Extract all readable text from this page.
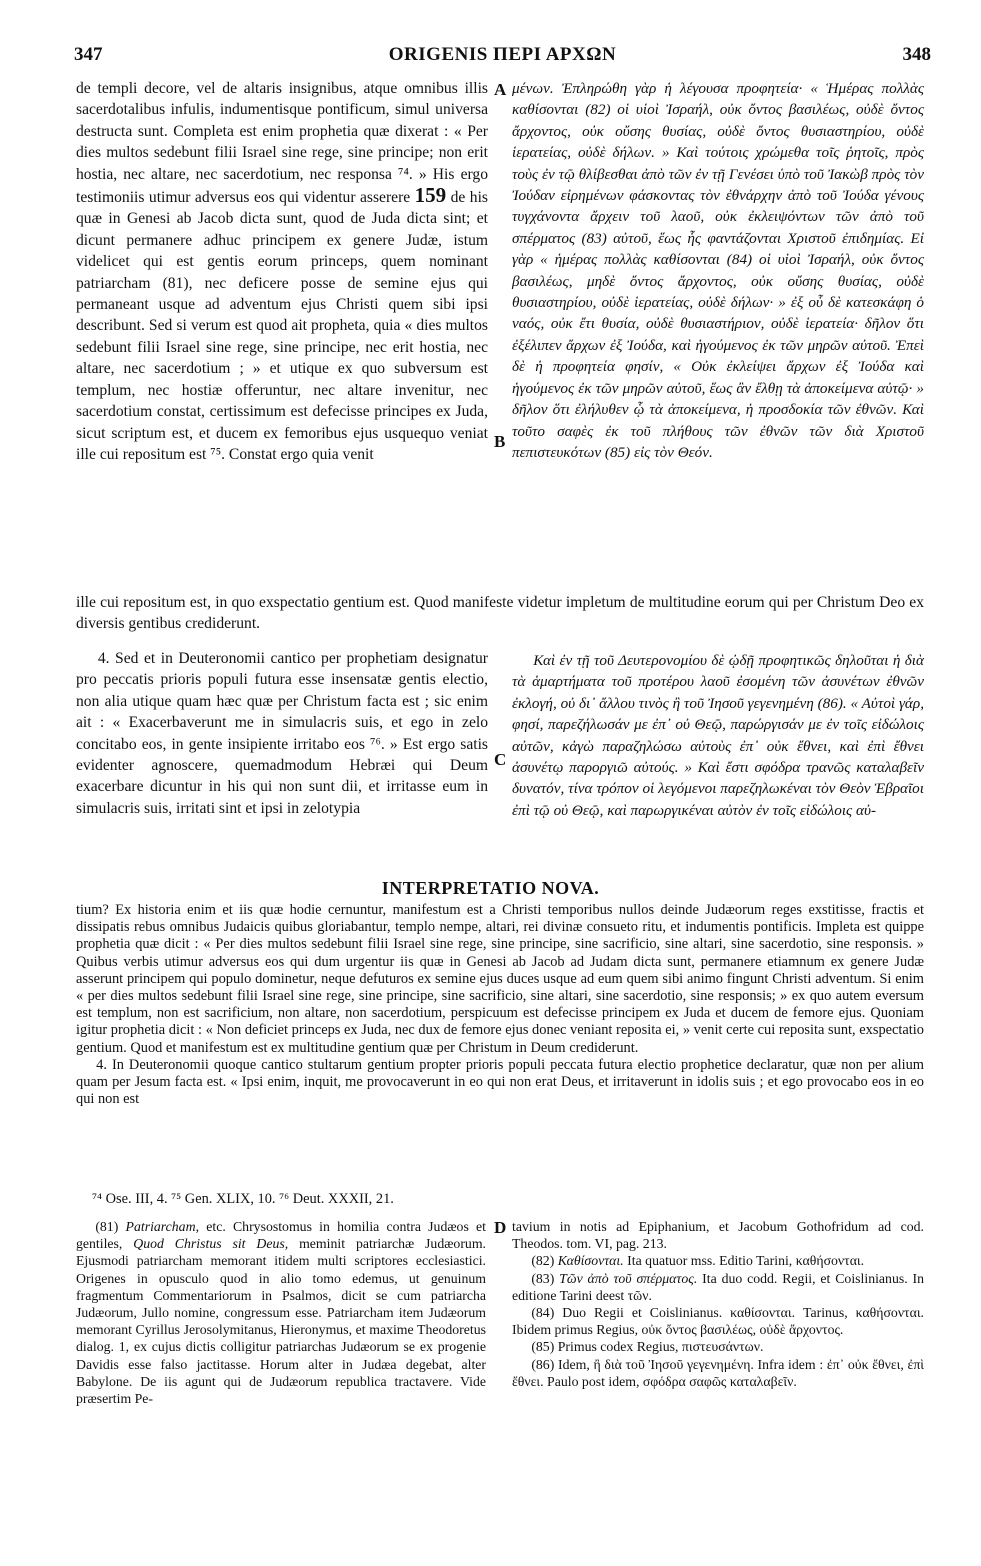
347	ORIGENIS ΠΕΡΙ ΑΡΧΩΝ	348
de templi decore, vel de altaris insignibus, atque omnibus illis sacerdotalibus infulis, indumentisque pontificum, simul universa destructa sunt. Completa est enim prophetia quæ dixerat : « Per dies multos sedebunt filii Israel sine rege, sine principe; non erit hostia, nec altare, nec sacerdotium, nec responsa ⁷⁴. » His ergo testimoniis utimur adversus eos qui videntur asserere 159 de his quæ in Genesi ab Jacob dicta sunt, quod de Juda dicta sint; et dicunt permanere adhuc principem ex genere Judæ, istum videlicet qui est gentis eorum princeps, quem nominant patriarcham (81), nec deficere posse de semine ejus qui permaneant usque ad adventum ejus Christi quem sibi ipsi describunt. Sed si verum est quod ait propheta, quia « dies multos sedebunt filii Israel sine rege, sine principe, nec erit hostia, nec altare, nec sacerdotium ; » et utique ex quo subversum est templum, nec hostiæ offeruntur, nec altare invenitur, nec sacerdotium constat, certissimum est defecisse principes ex Juda, sicut scriptum est, et ducem ex femoribus ejus usquequo veniat ille cui repositum est ⁷⁵. Constat ergo quia venit
A
B
μένων. Ἐπληρώθη γὰρ ἡ λέγουσα προφητεία· « Ἡμέρας πολλὰς καθίσονται (82) οἱ υἱοὶ Ἰσραήλ, οὐκ ὄντος βασιλέως, οὐδὲ ὄντος ἄρχοντος, οὐκ οὔσης θυσίας, οὐδὲ ὄντος θυσιαστηρίου, οὐδὲ ἱερατείας, οὐδὲ δήλων. » Καὶ τούτοις χρώμεθα τοῖς ῥητοῖς, πρὸς τοὺς ἐν τῷ θλίβεσθαι ἀπὸ τῶν ἐν τῇ Γενέσει ὑπὸ τοῦ Ἰακὼβ πρὸς τὸν Ἰούδαν εἰρημένων φάσκοντας τὸν ἐθνάρχην ἀπὸ τοῦ Ἰούδα γένους τυγχάνοντα ἄρχειν τοῦ λαοῦ, οὐκ ἐκλειψόντων τῶν ἀπὸ τοῦ σπέρματος (83) αὐτοῦ, ἕως ἧς φαντάζονται Χριστοῦ ἐπιδημίας. Εἰ γὰρ « ἡμέρας πολλὰς καθίσονται (84) οἱ υἱοὶ Ἰσραήλ, οὐκ ὄντος βασιλέως, μηδὲ ὄντος ἄρχοντος, οὐκ οὔσης θυσίας, οὐδὲ θυσιαστηρίου, οὐδὲ ἱερατείας, οὐδὲ δήλων· » ἐξ οὗ δὲ κατεσκάφη ὁ ναός, οὐκ ἔτι θυσία, οὐδὲ θυσιαστήριον, οὐδὲ ἱερατεία· δῆλον ὅτι ἐξέλιπεν ἄρχων ἐξ Ἰούδα, καὶ ἡγούμενος ἐκ τῶν μηρῶν αὐτοῦ. Ἐπεὶ δὲ ἡ προφητεία φησίν, « Οὐκ ἐκλείψει ἄρχων ἐξ Ἰούδα καὶ ἡγούμενος ἐκ τῶν μηρῶν αὐτοῦ, ἕως ἂν ἔλθῃ τὰ ἀποκείμενα αὐτῷ· » δῆλον ὅτι ἐλήλυθεν ᾧ τὰ ἀποκείμενα, ἡ προσδοκία τῶν ἐθνῶν. Καὶ τοῦτο σαφὲς ἐκ τοῦ πλήθους τῶν ἐθνῶν τῶν διὰ Χριστοῦ πεπιστευκότων (85) εἰς τὸν Θεόν.
ille cui repositum est, in quo exspectatio gentium est. Quod manifeste videtur impletum de multitudine eorum qui per Christum Deo ex diversis gentibus crediderunt.

4. Sed et in Deuteronomii cantico per prophetiam designatur pro peccatis prioris populi futura esse insensatæ gentis electio, non alia utique quam hæc quæ per Christum facta est ; sic enim ait : « Exacerbaverunt me in simulacris suis, et ego in zelo concitabo eos, in gente insipiente irritabo eos ⁷⁶. » Est ergo satis evidenter agnoscere, quemadmodum Hebræi qui Deum exacerbare dicuntur in his qui non sunt dii, et irritasse eum in simulacris suis, irritati sint et ipsi in zelotypia

C

Καὶ ἐν τῇ τοῦ Δευτερονομίου δὲ ᾠδῇ προφητικῶς δηλοῦται ἡ διὰ τὰ ἁμαρτήματα τοῦ προτέρου λαοῦ ἐσομένη τῶν ἀσυνέτων ἐθνῶν ἐκλογή, οὐ δι᾽ ἄλλου τινὸς ἢ τοῦ Ἰησοῦ γεγενημένη (86). « Αὐτοὶ γάρ, φησί, παρεζήλωσάν με ἐπ᾽ οὐ Θεῷ, παρώργισάν με ἐν τοῖς εἰδώλοις αὐτῶν, κἀγὼ παραζηλώσω αὐτοὺς ἐπ᾽ οὐκ ἔθνει, καὶ ἐπὶ ἔθνει ἀσυνέτῳ παροργιῶ αὐτούς. » Καὶ ἔστι σφόδρα τρανῶς καταλαβεῖν δυνατόν, τίνα τρόπον οἱ λεγόμενοι παρεζηλωκέναι τὸν Θεὸν Ἑβραῖοι ἐπὶ τῷ οὐ Θεῷ, καὶ παρωργικέναι αὐτὸν ἐν τοῖς εἰδώλοις αὐ-

INTERPRETATIO NOVA.

tium? Ex historia enim et iis quæ hodie cernuntur, manifestum est a Christi temporibus nullos deinde Judæorum reges exstitisse, fractis et dissipatis rebus omnibus Judaicis quibus gloriabantur, templo nempe, altari, rei divinæ consueto ritu, et indumentis pontificis. Impleta est quippe prophetia quæ dicit : « Per dies multos sedebunt filii Israel sine rege, sine principe, sine sacrificio, sine altari, sine sacerdotio, sine responsis. » Quibus verbis utimur adversus eos qui dum urgentur iis quæ in Genesi ab Jacob ad Judam dicta sunt, permanere etiamnum ex genere Judæ asserunt principem qui populo dominetur, neque defuturos ex semine ejus duces usque ad eum quem sibi animo fingunt Christi adventum. Si enim « per dies multos sedebunt filii Israel sine rege, sine principe, sine sacrificio, sine altari, sine sacerdotio, sine responsis; » ex quo autem eversum est templum, non est sacrificium, non altare, non sacerdotium, perspicuum est defecisse principem ex Juda et ducem de femore ejus. Quoniam igitur prophetia dicit : « Non deficiet princeps ex Juda, nec dux de femore ejus donec veniant reposita ei, » venit certe cui reposita sunt, exspectatio gentium. Quod et manifestum est ex multitudine gentium quæ per Christum in Deum crediderunt.

4. In Deuteronomii quoque cantico stultarum gentium propter prioris populi peccata futura electio prophetice declaratur, quæ non per alium quam per Jesum facta est. « Ipsi enim, inquit, me provocaverunt in eo qui non erat Deus, et irritaverunt in idolis suis ; et ego provocabo eos in eo qui non est

⁷⁴ Ose. III, 4. ⁷⁵ Gen. XLIX, 10. ⁷⁶ Deut. XXXII, 21.

(81) Patriarcham, etc. Chrysostomus in homilia contra Judæos et gentiles, Quod Christus sit Deus, meminit patriarchæ Judæorum. Ejusmodi patriarcham memorant itidem multi scriptores ecclesiastici. Origenes in opusculo quod in alio tomo edemus, ut genuinum fragmentum Commentariorum in Psalmos, dicit se cum patriarcha Judæorum, Jullo nomine, congressum esse. Patriarcham item Judæorum memorant Cyrillus Jerosolymitanus, Hieronymus, et maxime Theodoretus dialog. 1, ex cujus dictis colligitur patriarchas Judæorum se ex progenie Davidis esse falso jactitasse. Horum alter in Judæa degebat, alter Babylone. De iis agunt qui de Judæorum republica tractavere. Vide præsertim Pe-

D tavium in notis ad Epiphanium, et Jacobum Gothofridum ad cod. Theodos. tom. VI, pag. 213.

(82) Καθίσονται. Ita quatuor mss. Editio Tarini, καθήσονται.

(83) Τῶν ἀπὸ τοῦ σπέρματος. Ita duo codd. Regii, et Coislinianus. In editione Tarini deest τῶν.

(84) Duo Regii et Coislinianus. καθίσονται. Tarinus, καθήσονται. Ibidem primus Regius, οὐκ ὄντος βασιλέως, οὐδὲ ἄρχοντος.

(85) Primus codex Regius, πιστευσάντων.

(86) Idem, ἢ διὰ τοῦ Ἰησοῦ γεγενημένη. Infra idem : ἐπ᾽ οὐκ ἔθνει, ἐπὶ ἔθνει. Paulo post idem, σφόδρα σαφῶς καταλαβεῖν.
